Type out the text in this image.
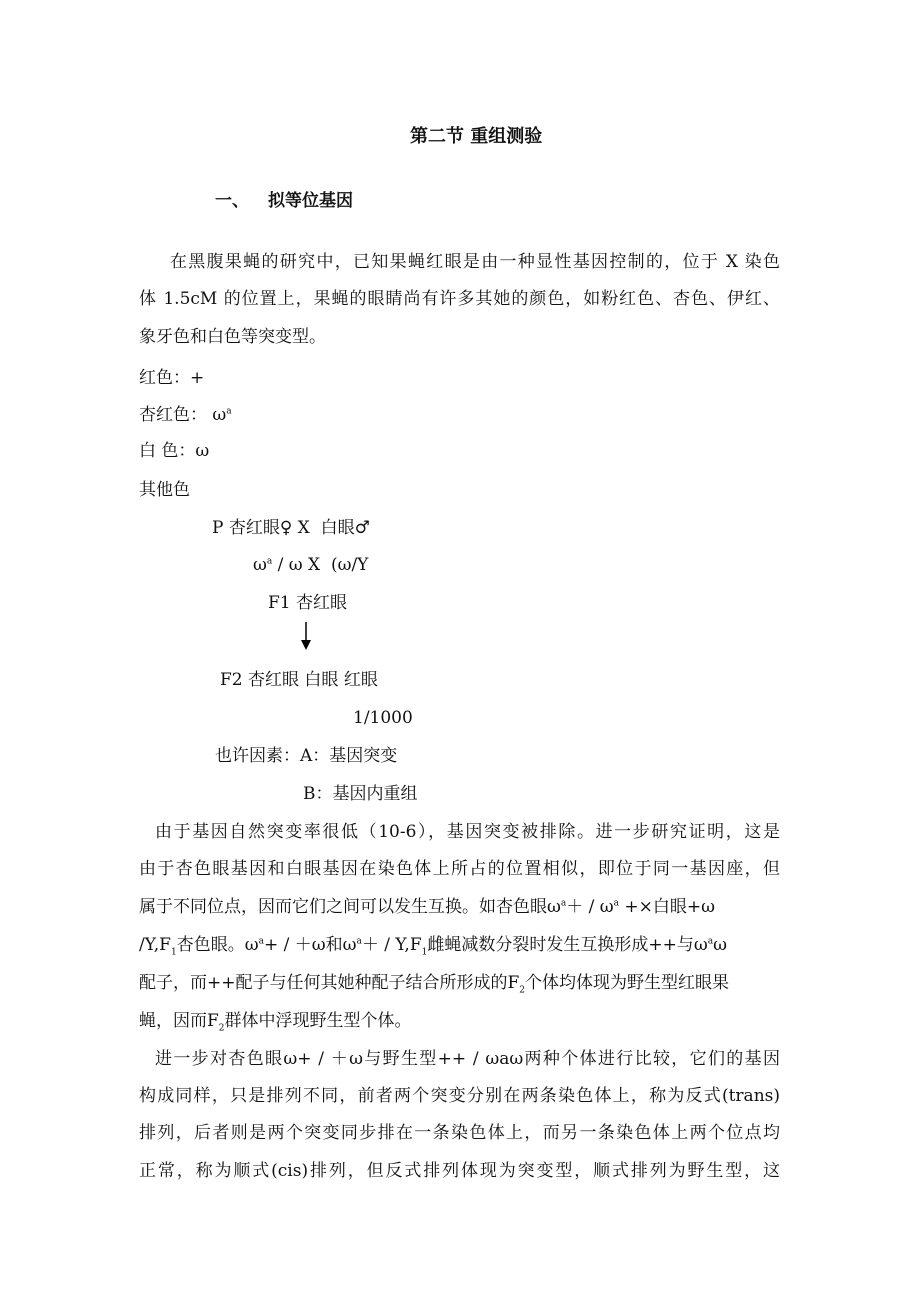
第二节 重组测验
一、 拟等位基因
在黑腹果蝇的研究中，已知果蝇红眼是由一种显性基因控制的，位于 X 染色
体 1.5cM 的位置上，果蝇的眼睛尚有许多其她的颜色，如粉红色、杏色、伊红、
象牙色和白色等突变型。
红色：+
杏红色： $\omega^a$
白 色：ω
其他色
P 杏红眼♀ X  白眼♂
$\omega^a$ / ω X  (ω/Y
F1 杏红眼
F2 杏红眼 白眼 红眼
1/1000
也许因素：A：基因突变
B：基因内重组
由于基因自然突变率很低（10-6），基因突变被排除。进一步研究证明，这是
由于杏色眼基因和白眼基因在染色体上所占的位置相似，即位于同一基因座，但
属于不同位点，因而它们之间可以发生互换。如杏色眼$\omega^a+ / \omega^a$ +×白眼+ω
$/Y,F_1$杏色眼。$\omega^a+ / +\omega$和$\omega^a+ / Y,F_1$雌蝇减数分裂时发生互换形成++与$\omega^a\omega$
配子，而++配子与任何其她种配子结合所形成的$F_2$个体均体现为野生型红眼果
蝇，因而$F_2$群体中浮现野生型个体。
进一步对杏色眼ω+ / ＋ω与野生型++ / ωaω两种个体进行比较，它们的基因
构成同样，只是排列不同，前者两个突变分别在两条染色体上，称为反式(trans)
排列，后者则是两个突变同步排在一条染色体上，而另一条染色体上两个位点均
正常，称为顺式(cis)排列，但反式排列体现为突变型，顺式排列为野生型，这
